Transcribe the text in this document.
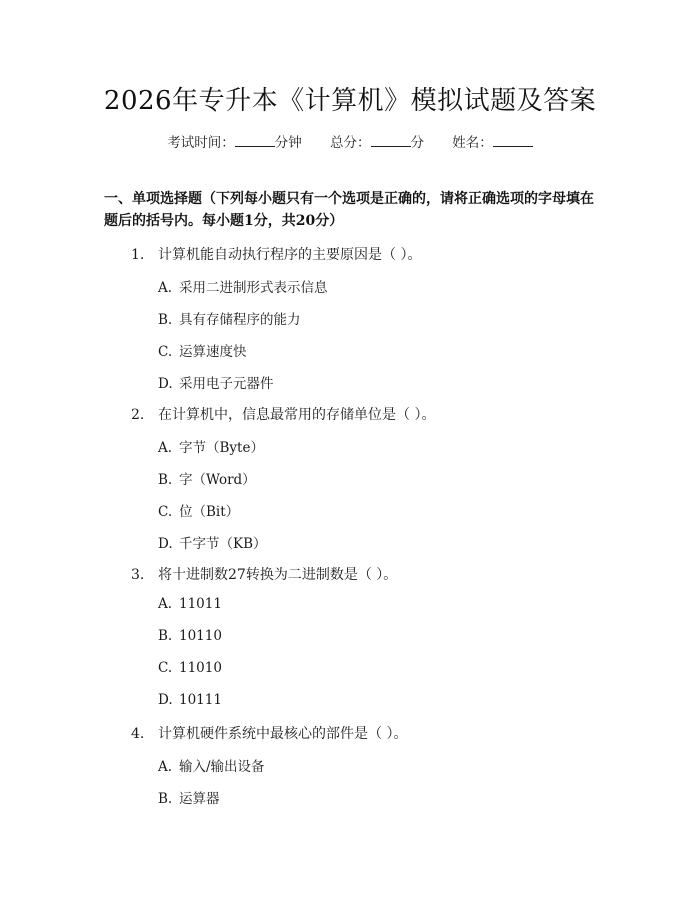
2026年专升本《计算机》模拟试题及答案
考试时间：	分钟 总分：	分 姓名：
一、单项选择题（下列每小题只有一个选项是正确的，请将正确选项的字母填在题后的括号内。每小题1分，共20分）
1. 计算机能自动执行程序的主要原因是（ ）。
A. 采用二进制形式表示信息
B. 具有存储程序的能力
C. 运算速度快
D. 采用电子元器件
2. 在计算机中，信息最常用的存储单位是（ ）。
A. 字节（Byte）
B. 字（Word）
C. 位（Bit）
D. 千字节（KB）
3. 将十进制数27转换为二进制数是（ ）。
A. 11011
B. 10110
C. 11010
D. 10111
4. 计算机硬件系统中最核心的部件是（ ）。
A. 输入/输出设备
B. 运算器
